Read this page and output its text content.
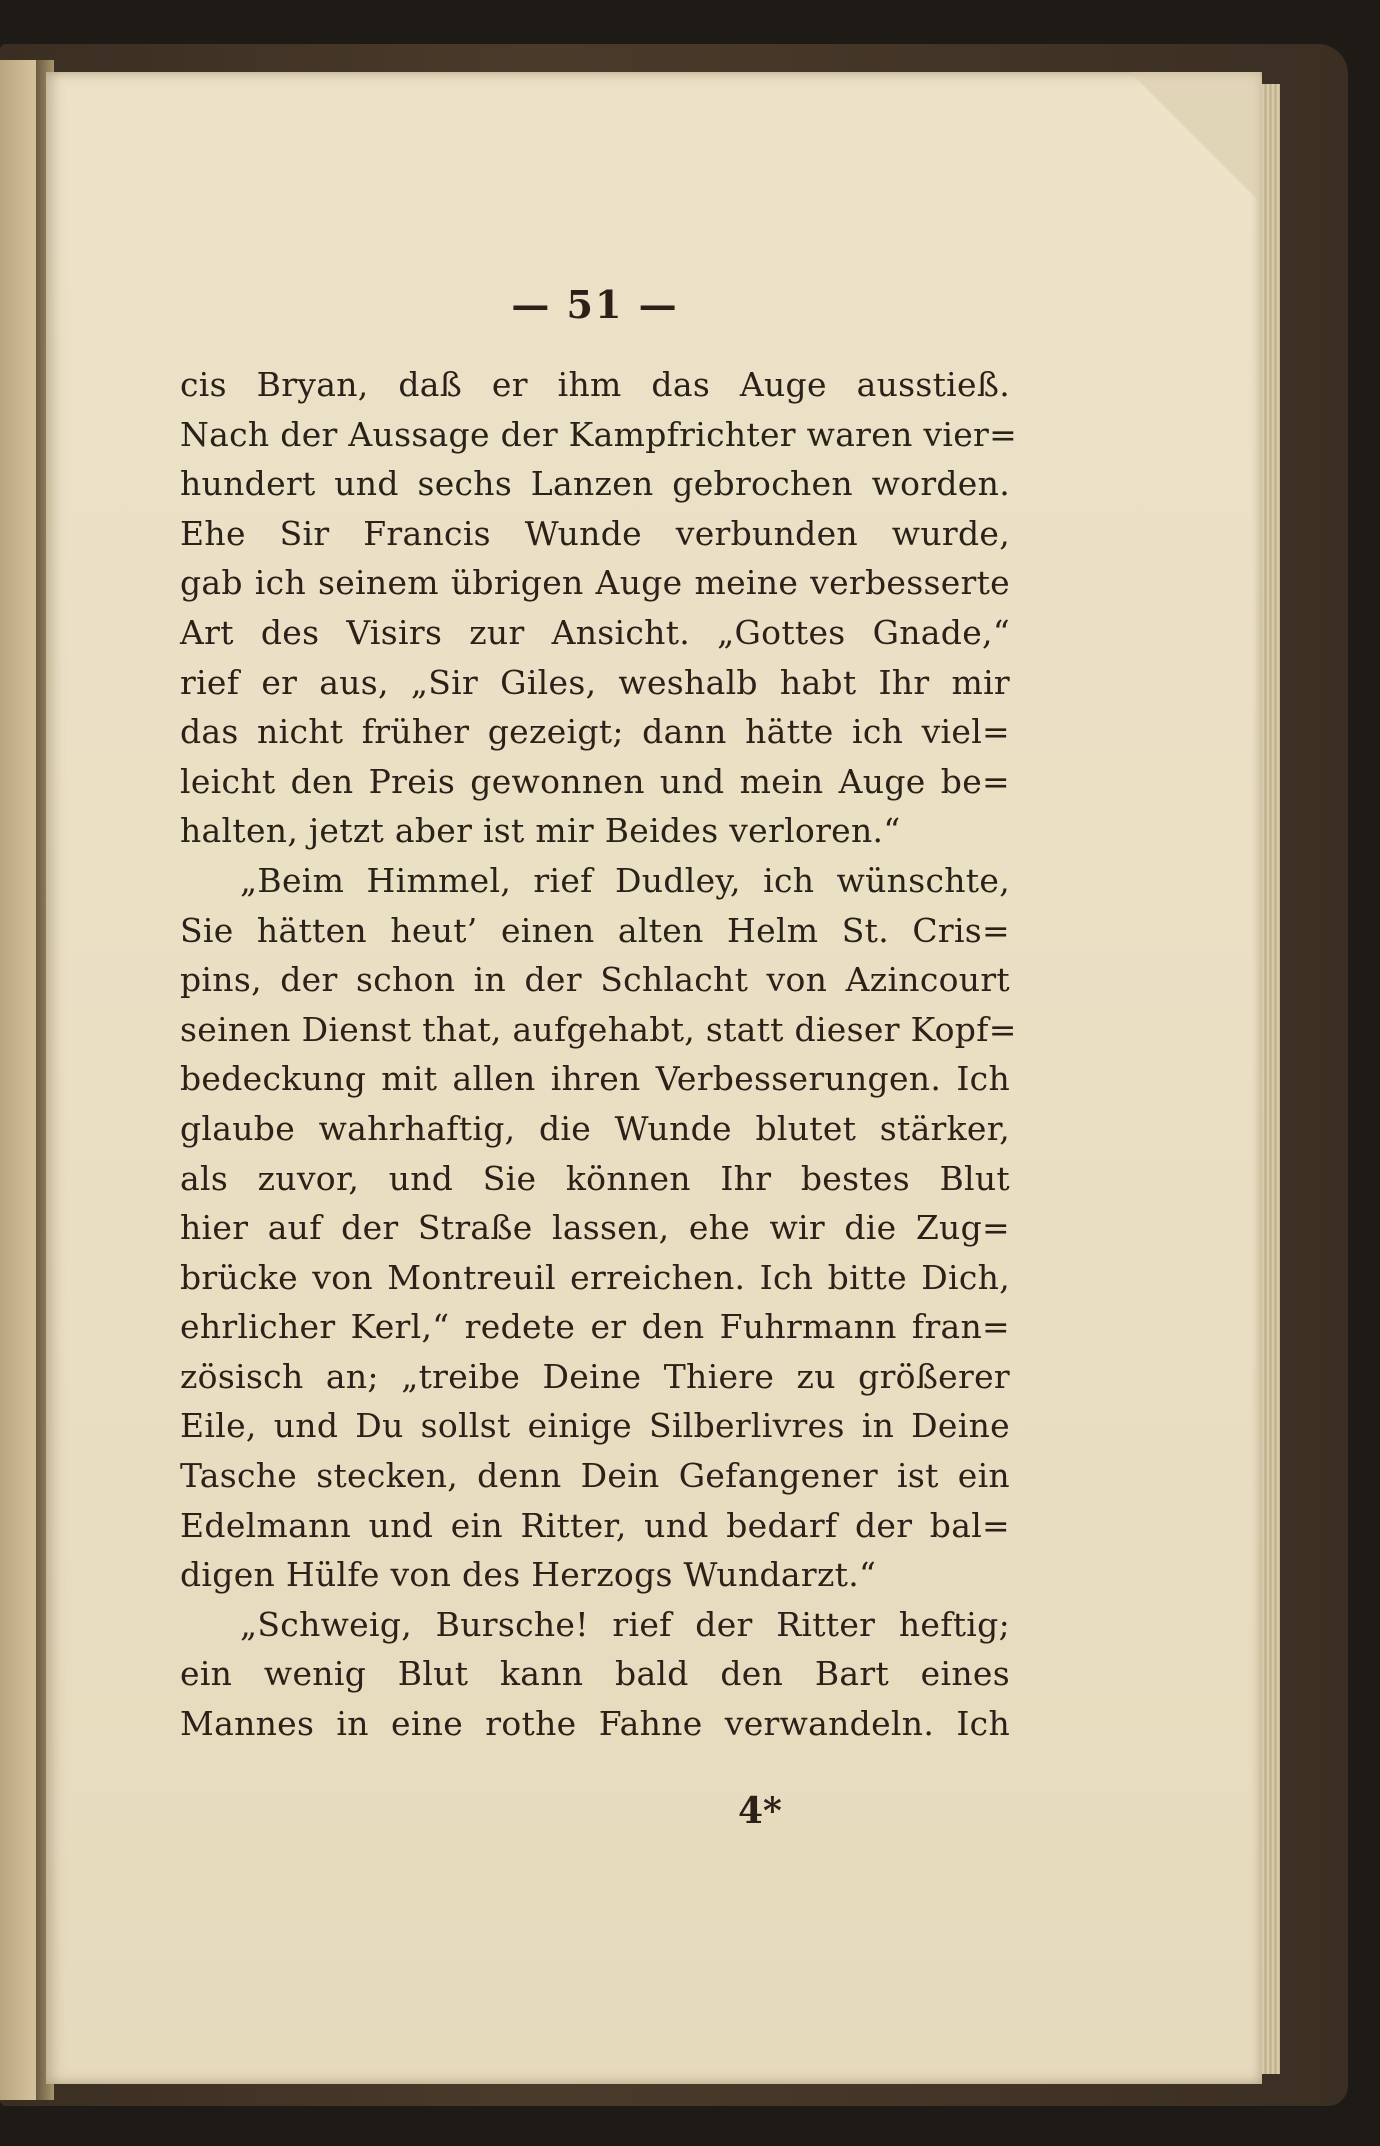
— 51 —
cis Bryan, daß er ihm das Auge ausstieß.
Nach der Aussage der Kampfrichter waren vier=
hundert und sechs Lanzen gebrochen worden.
Ehe Sir Francis Wunde verbunden wurde,
gab ich seinem übrigen Auge meine verbesserte
Art des Visirs zur Ansicht. „Gottes Gnade,“
rief er aus, „Sir Giles, weshalb habt Ihr mir
das nicht früher gezeigt; dann hätte ich viel=
leicht den Preis gewonnen und mein Auge be=
halten, jetzt aber ist mir Beides verloren.“
„Beim Himmel, rief Dudley, ich wünschte,
Sie hätten heut’ einen alten Helm St. Cris=
pins, der schon in der Schlacht von Azincourt
seinen Dienst that, aufgehabt, statt dieser Kopf=
bedeckung mit allen ihren Verbesserungen. Ich
glaube wahrhaftig, die Wunde blutet stärker,
als zuvor, und Sie können Ihr bestes Blut
hier auf der Straße lassen, ehe wir die Zug=
brücke von Montreuil erreichen. Ich bitte Dich,
ehrlicher Kerl,“ redete er den Fuhrmann fran=
zösisch an; „treibe Deine Thiere zu größerer
Eile, und Du sollst einige Silberlivres in Deine
Tasche stecken, denn Dein Gefangener ist ein
Edelmann und ein Ritter, und bedarf der bal=
digen Hülfe von des Herzogs Wundarzt.“
„Schweig, Bursche! rief der Ritter heftig;
ein wenig Blut kann bald den Bart eines
Mannes in eine rothe Fahne verwandeln. Ich
4*
